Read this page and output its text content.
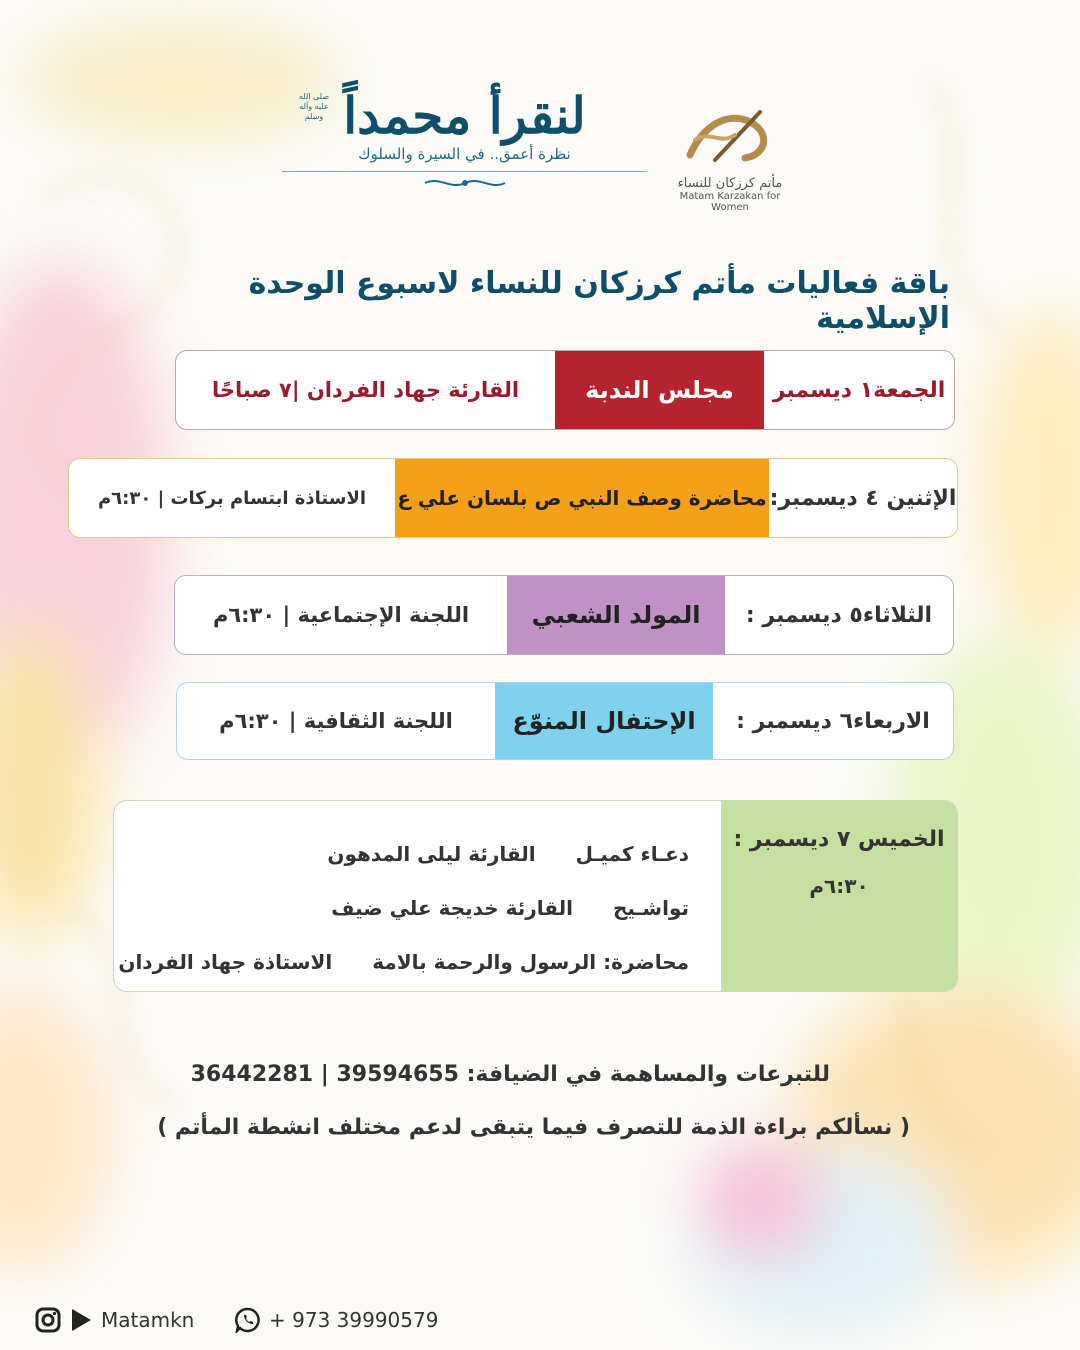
لنقرأ محمداً
نظرة أعمق.. في السيرة والسلوك
صلى الله عليه وآله وسلم
مأتم كرزكان للنساء
Matam Karzakan for Women
باقة فعاليات مأتم كرزكان للنساء لاسبوع الوحدة الإسلامية
الجمعة١ ديسمبر
مجلس الندبة
القارئة جهاد الفردان |٧ صباحًا
الإثنين ٤ ديسمبر:
محاضرة وصف النبي ص بلسان علي ع
الاستاذة ابتسام بركات | ٦:٣٠م
الثلاثاء٥ ديسمبر :
المولد الشعبي
اللجنة الإجتماعية | ٦:٣٠م
الاربعاء٦ ديسمبر :
الإحتفال المنوّع
اللجنة الثقافية | ٦:٣٠م
الخميس ٧ ديسمبر :
٦:٣٠م
دعـاء كميـل
القارئة ليلى المدهون
تواشـيح
القارئة خديجة علي ضيف
محاضرة: الرسول والرحمة بالامة
الاستاذة جهاد الفردان
للتبرعات والمساهمة في الضيافة: 39594655 | 36442281
( نسألكم براءة الذمة للتصرف فيما يتبقى لدعم مختلف انشطة المأتم )
Matamkn	+ 973 39990579
